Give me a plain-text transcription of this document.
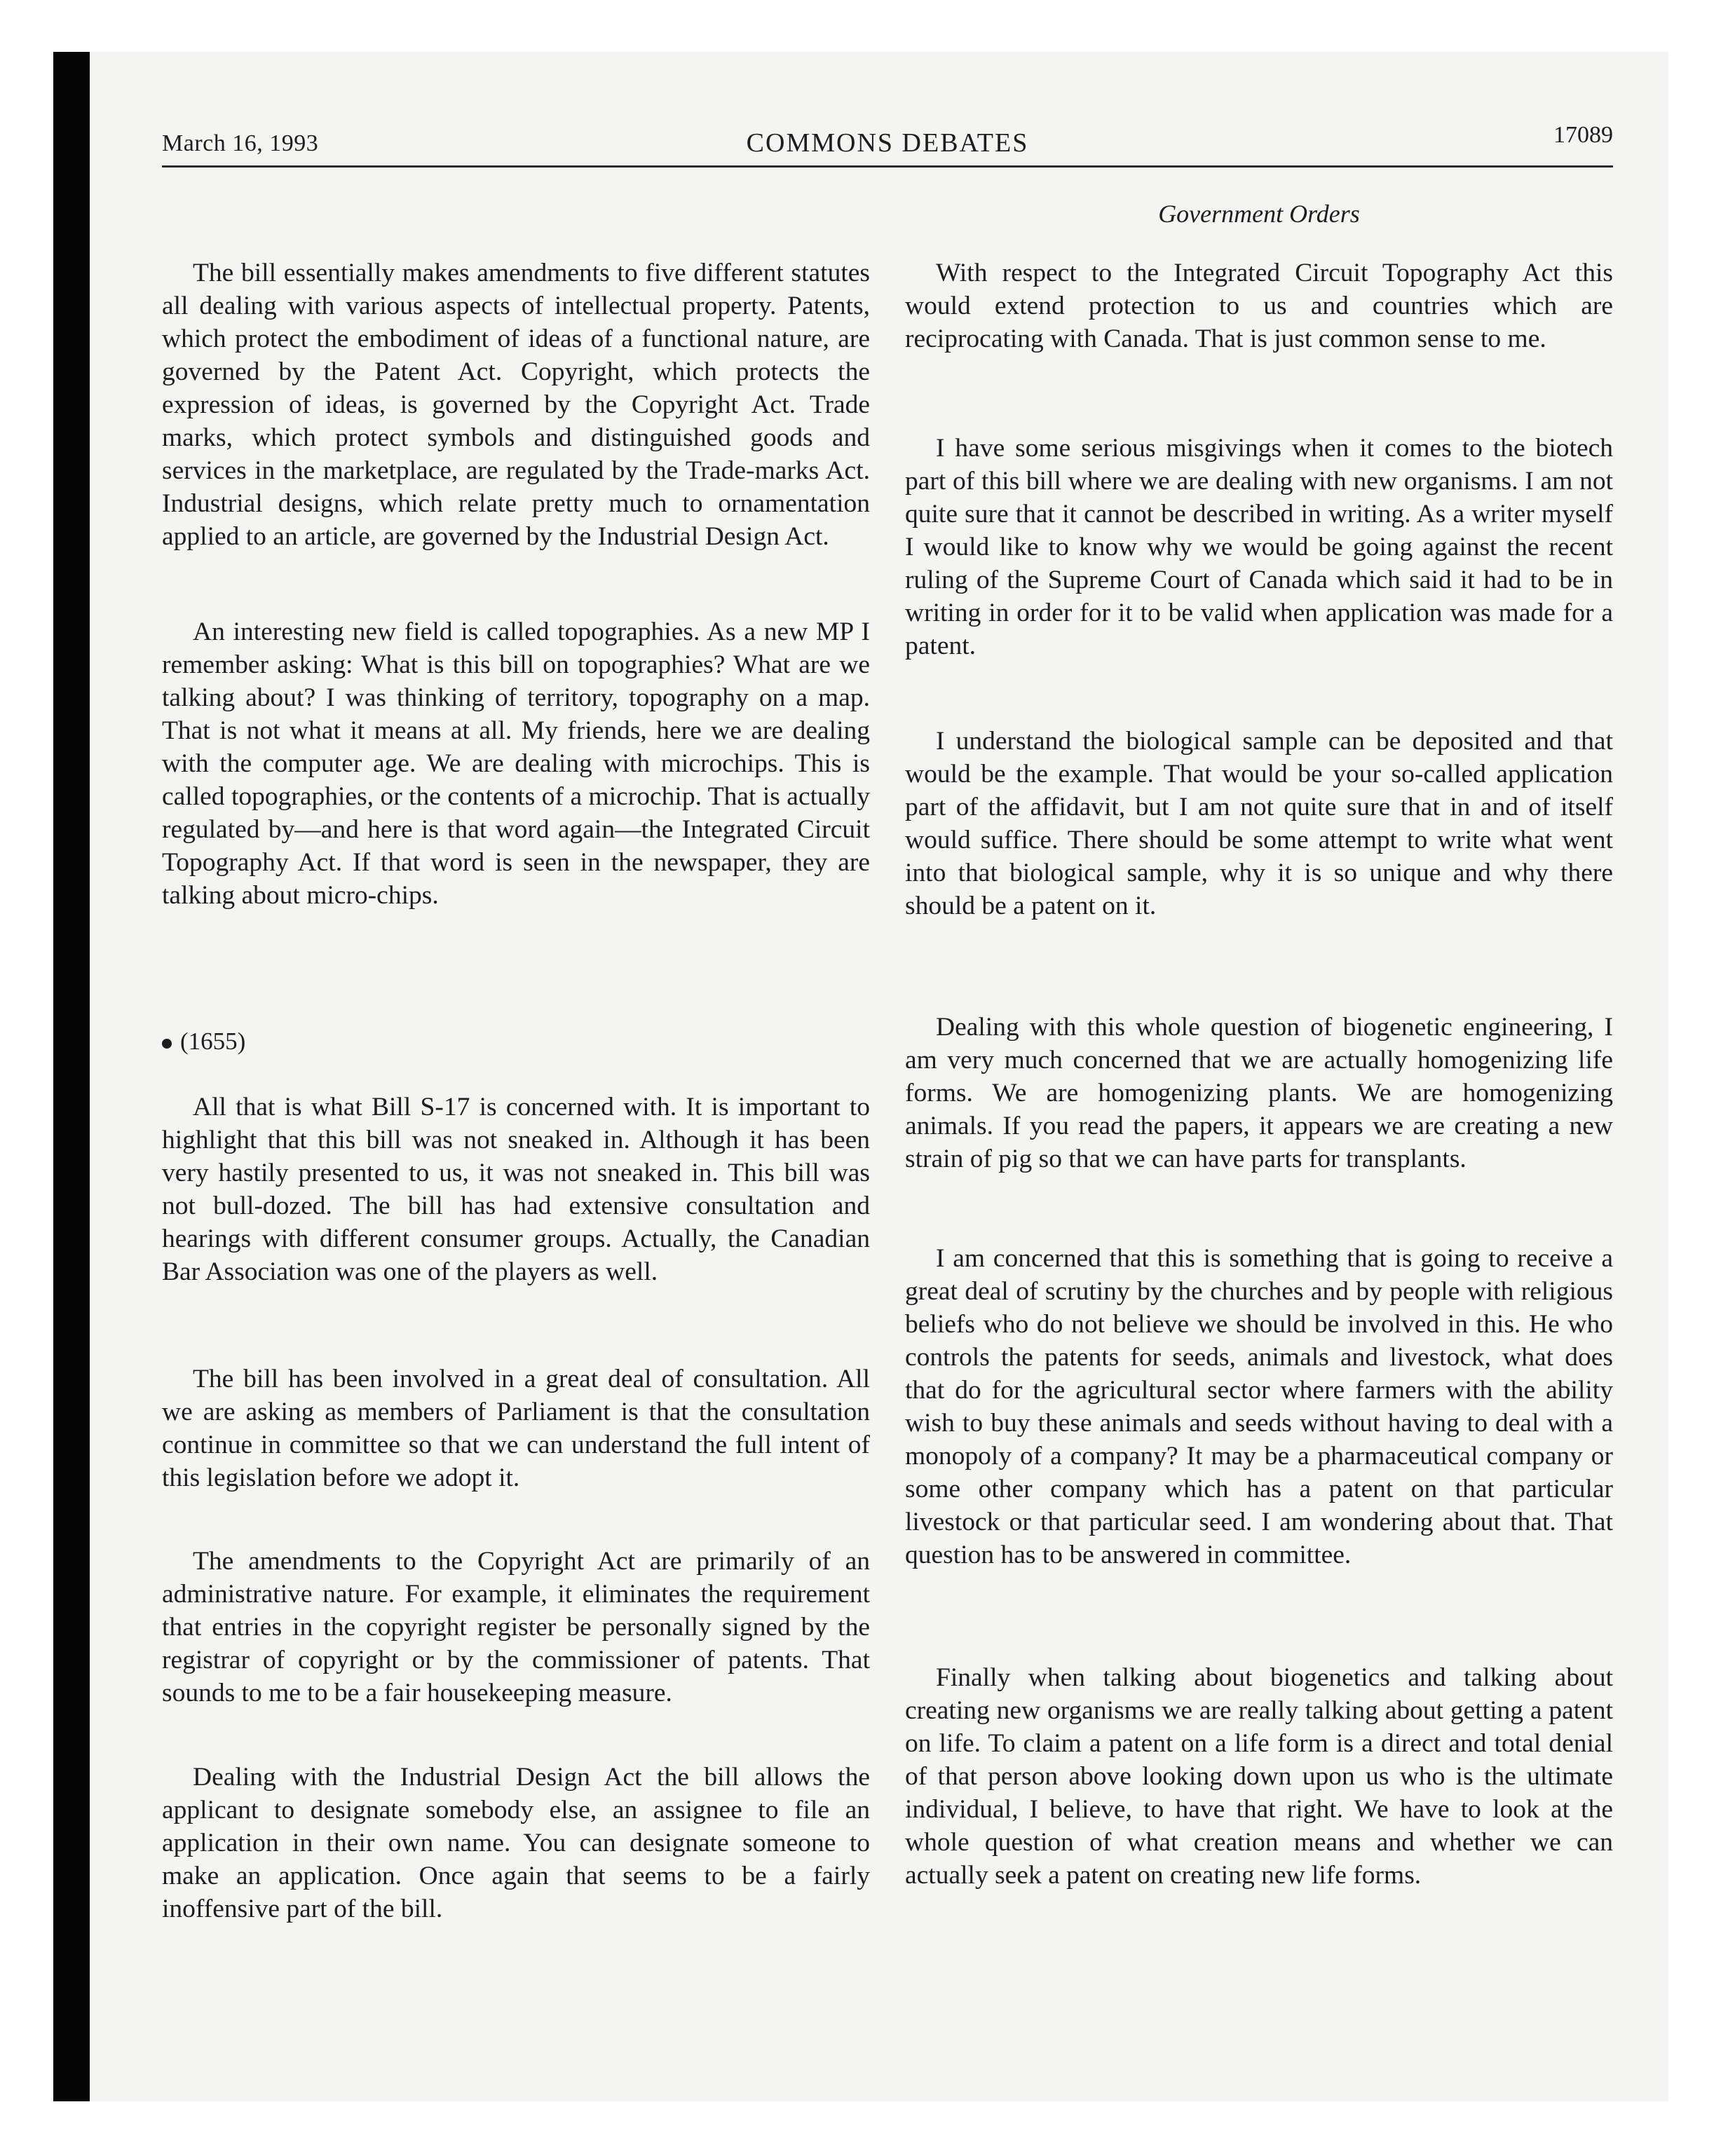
March 16, 1993	COMMONS DEBATES	17089
Government Orders

The bill essentially makes amendments to five different statutes all dealing with various aspects of intellectual property. Patents, which protect the embodiment of ideas of a functional nature, are governed by the Patent Act. Copyright, which protects the expression of ideas, is governed by the Copyright Act. Trade marks, which protect symbols and distinguished goods and services in the marketplace, are regulated by the Trade-marks Act. Industrial designs, which relate pretty much to ornamentation applied to an article, are governed by the Industrial Design Act.

An interesting new field is called topographies. As a new MP I remember asking: What is this bill on topographies? What are we talking about? I was thinking of territory, topography on a map. That is not what it means at all. My friends, here we are dealing with the computer age. We are dealing with microchips. This is called topographies, or the contents of a microchip. That is actually regulated by—and here is that word again—the Integrated Circuit Topography Act. If that word is seen in the newspaper, they are talking about micro-chips.

(1655)

All that is what Bill S-17 is concerned with. It is important to highlight that this bill was not sneaked in. Although it has been very hastily presented to us, it was not sneaked in. This bill was not bull-dozed. The bill has had extensive consultation and hearings with different consumer groups. Actually, the Canadian Bar Association was one of the players as well.

The bill has been involved in a great deal of consultation. All we are asking as members of Parliament is that the consultation continue in committee so that we can understand the full intent of this legislation before we adopt it.

The amendments to the Copyright Act are primarily of an administrative nature. For example, it eliminates the requirement that entries in the copyright register be personally signed by the registrar of copyright or by the commissioner of patents. That sounds to me to be a fair housekeeping measure.

Dealing with the Industrial Design Act the bill allows the applicant to designate somebody else, an assignee to file an application in their own name. You can designate someone to make an application. Once again that seems to be a fairly inoffensive part of the bill.

With respect to the Integrated Circuit Topography Act this would extend protection to us and countries which are reciprocating with Canada. That is just common sense to me.

I have some serious misgivings when it comes to the biotech part of this bill where we are dealing with new organisms. I am not quite sure that it cannot be described in writing. As a writer myself I would like to know why we would be going against the recent ruling of the Supreme Court of Canada which said it had to be in writing in order for it to be valid when application was made for a patent.

I understand the biological sample can be deposited and that would be the example. That would be your so-called application part of the affidavit, but I am not quite sure that in and of itself would suffice. There should be some attempt to write what went into that biological sample, why it is so unique and why there should be a patent on it.

Dealing with this whole question of biogenetic engineering, I am very much concerned that we are actually homogenizing life forms. We are homogenizing plants. We are homogenizing animals. If you read the papers, it appears we are creating a new strain of pig so that we can have parts for transplants.

I am concerned that this is something that is going to receive a great deal of scrutiny by the churches and by people with religious beliefs who do not believe we should be involved in this. He who controls the patents for seeds, animals and livestock, what does that do for the agricultural sector where farmers with the ability wish to buy these animals and seeds without having to deal with a monopoly of a company? It may be a pharmaceutical company or some other company which has a patent on that particular livestock or that particular seed. I am wondering about that. That question has to be answered in committee.

Finally when talking about biogenetics and talking about creating new organisms we are really talking about getting a patent on life. To claim a patent on a life form is a direct and total denial of that person above looking down upon us who is the ultimate individual, I believe, to have that right. We have to look at the whole question of what creation means and whether we can actually seek a patent on creating new life forms.
